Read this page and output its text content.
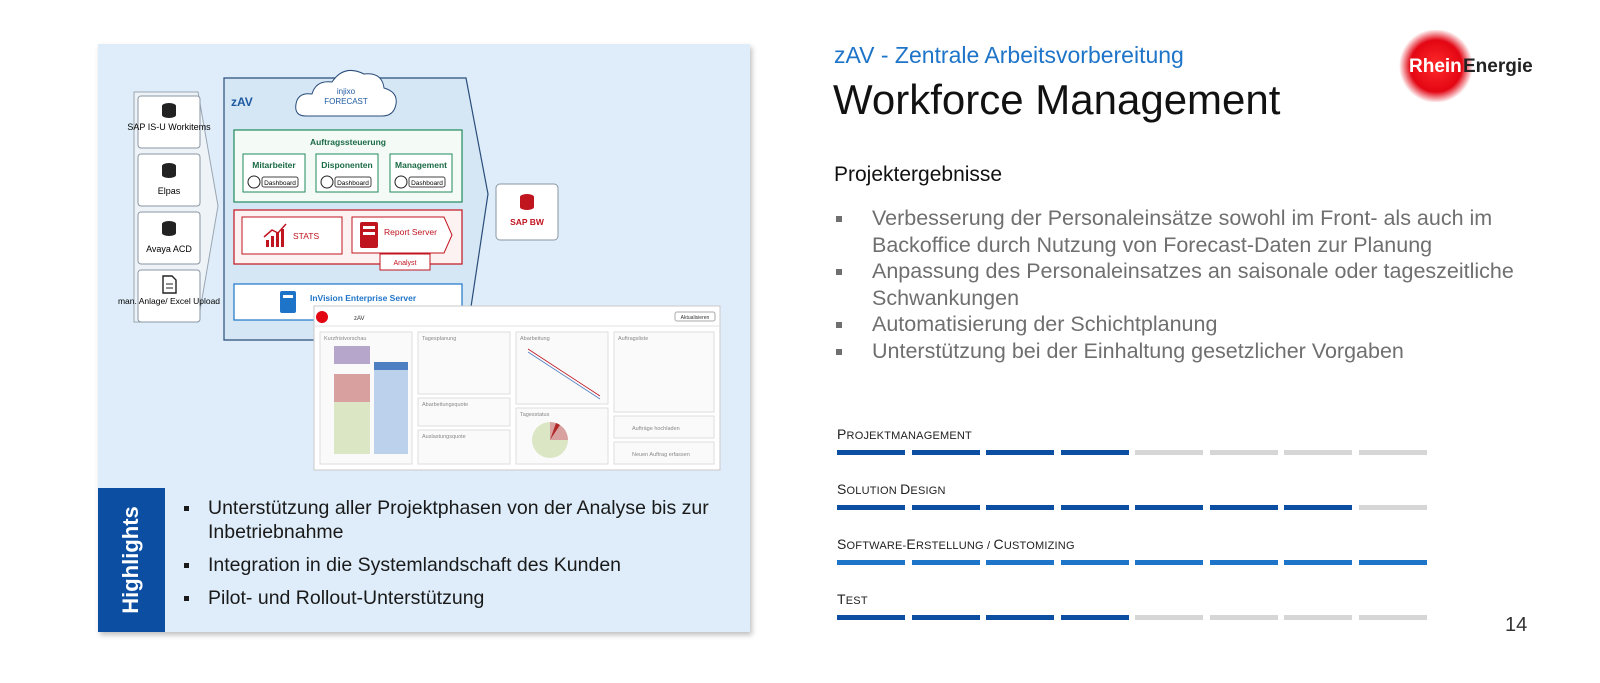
SAP IS-U Workitems
Elpas
Avaya ACD
man. Anlage/ Excel Upload
zAV
injixo
FORECAST
Auftragssteuerung
Mitarbeiter
Dashboard
Disponenten
Dashboard
Management
Dashboard
STATS	Report Server
Analyst
InVision Enterprise Server
SAP BW
zAV	Aktualisieren
Kurzfristvorschau	Tagesplanung
Abarbeitungsquote
Auslastungsquote
Abarbeitung
Tagesstatus
Auftragsliste
Aufträge hochladen
Neuen Auftrag erfassen
Highlights	Unterstützung aller Projektphasen von der Analyse bis zur Inbetriebnahme
Integration in die Systemlandschaft des Kunden
Pilot- und Rollout-Unterstützung
zAV - Zentrale Arbeitsvorbereitung
Workforce Management
Rhein Energie
Projektergebnisse
Verbesserung der Personaleinsätze sowohl im Front- als auch im Backoffice durch Nutzung von Forecast-Daten zur Planung
Anpassung des Personaleinsatzes an saisonale oder tageszeitliche Schwankungen
Automatisierung der Schichtplanung
Unterstützung bei der Einhaltung gesetzlicher Vorgaben
PROJEKTMANAGEMENT
SOLUTION DESIGN
SOFTWARE-ERSTELLUNG / CUSTOMIZING
TEST
14
